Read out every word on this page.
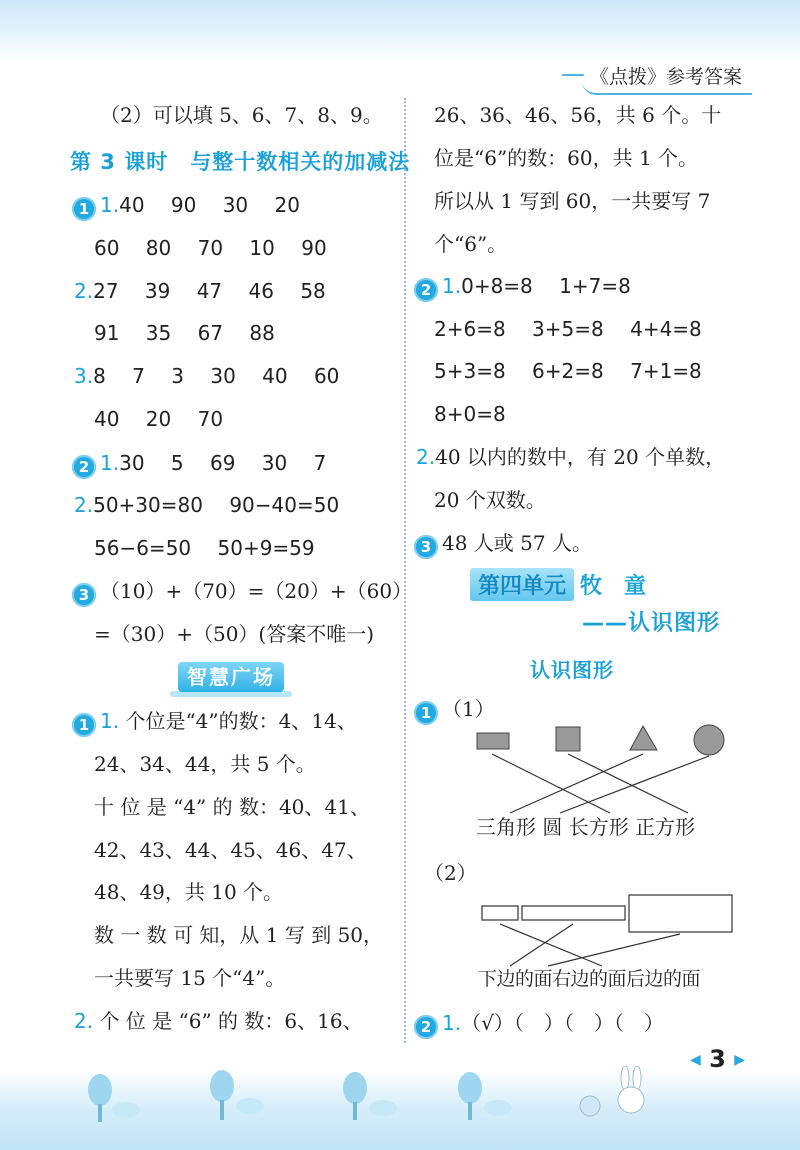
《点拨》参考答案
（2）可以填 5、6、7、8、9。
第 3 课时　与整十数相关的加减法
1 1.40　 90　 30　 20
60　 80　 70　 10　 90
2.27　 39　 47　 46　 58
91　 35　 67　 88
3.8　 7　 3　 30　 40　 60
40　 20　 70
2 1.30　 5　 69　 30　 7
2.50+30=80　 90−40=50
56−6=50　 50+9=59
3 （10）+（70）=（20）+（60）
=（30）+（50）(答案不唯一)
智慧广场
1 1. 个位是“4”的数：4、14、
24、34、44，共 5 个。
十 位 是 “4” 的 数：40、41、
42、43、44、45、46、47、
48、49，共 10 个。
数 一 数 可 知，从 1 写 到 50，
一共要写 15 个“4”。
2. 个 位 是 “6” 的 数：6、16、
26、36、46、56，共 6 个。十
位是“6”的数：60，共 1 个。
所以从 1 写到 60，一共要写 7
个“6”。
2 1.0+8=8　 1+7=8
2+6=8　 3+5=8　 4+4=8
5+3=8　 6+2=8　 7+1=8
8+0=8
2.40 以内的数中，有 20 个单数，
20 个双数。
3 48 人或 57 人。
第四单元 牧　童
——认识图形
认识图形
1 （1）
三角形 圆 长方形 正方形
（2）
下边的面右边的面后边的面
2 1.（√）（　）（　）（　）
◀ 3 ▶
